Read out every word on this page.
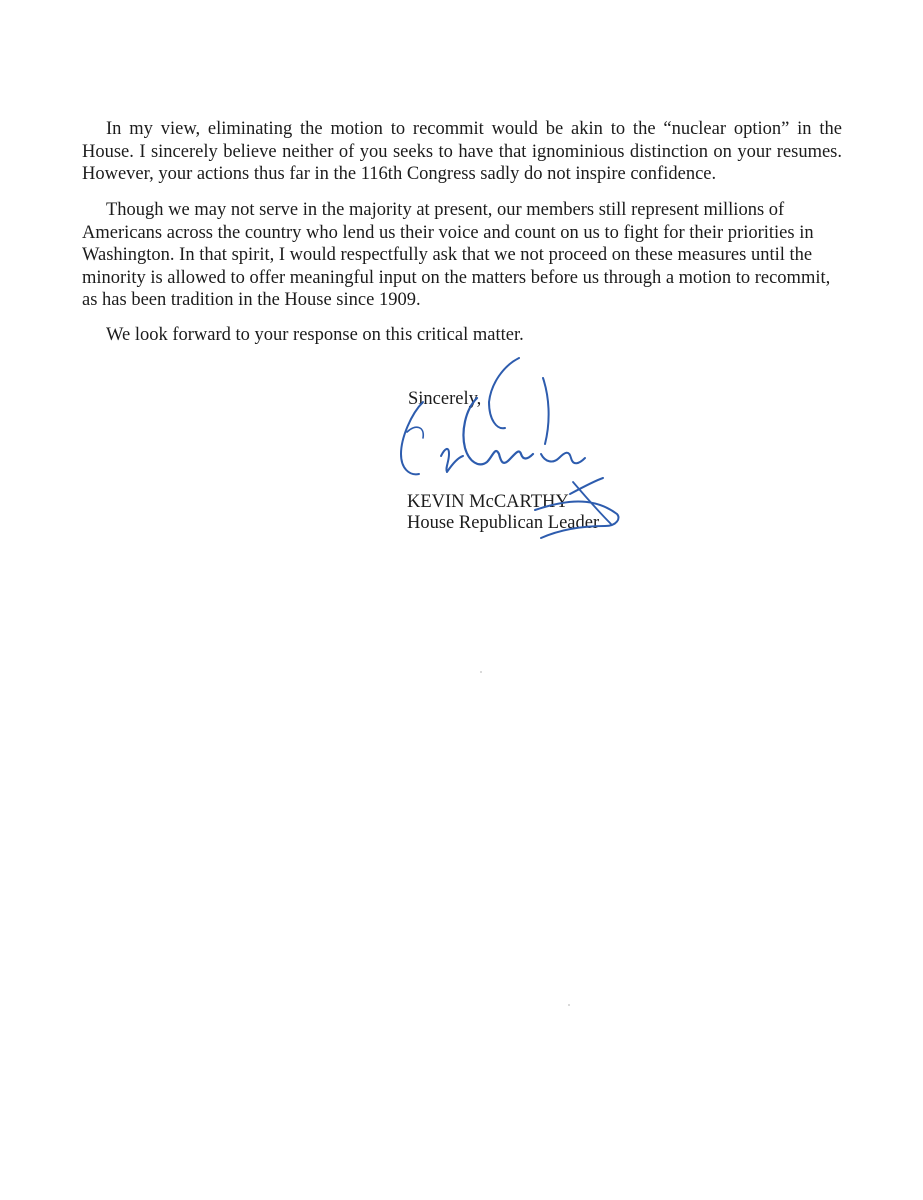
In my view, eliminating the motion to recommit would be akin to the “nuclear option” in the House. I sincerely believe neither of you seeks to have that ignominious distinction on your resumes. However, your actions thus far in the 116th Congress sadly do not inspire confidence.

Though we may not serve in the majority at present, our members still represent millions of Americans across the country who lend us their voice and count on us to fight for their priorities in Washington. In that spirit, I would respectfully ask that we not proceed on these measures until the minority is allowed to offer meaningful input on the matters before us through a motion to recommit, as has been tradition in the House since 1909.

We look forward to your response on this critical matter.

Sincerely,

KEVIN McCARTHY
House Republican Leader
